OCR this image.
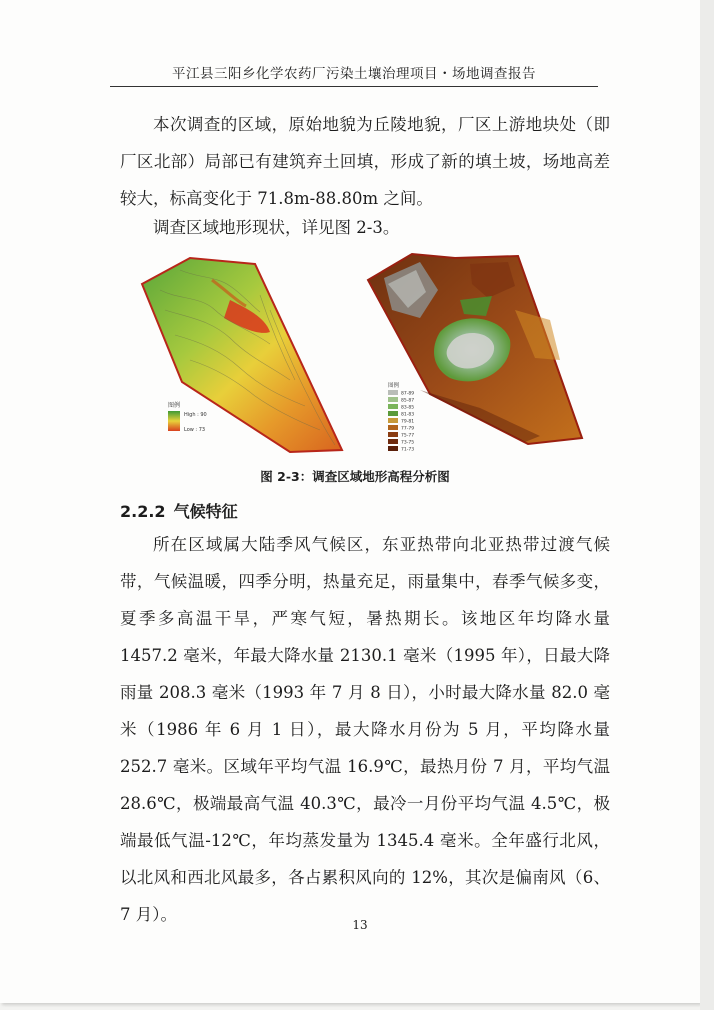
平江县三阳乡化学农药厂污染土壤治理项目・场地调查报告

本次调查的区域，原始地貌为丘陵地貌，厂区上游地块处（即厂区北部）局部已有建筑弃土回填，形成了新的填土坡，场地高差较大，标高变化于 71.8m-88.80m 之间。

调查区域地形现状，详见图 2-3。

图例
High : 90
Low : 73
图例
87-89
85-87
83-85
81-83
79-81
77-79
75-77
73-75
71-73
图 2-3：调查区域地形高程分析图
2.2.2 气候特征

所在区域属大陆季风气候区，东亚热带向北亚热带过渡气候带，气候温暖，四季分明，热量充足，雨量集中，春季气候多变，夏季多高温干旱，严寒气短，暑热期长。该地区年均降水量 1457.2 毫米，年最大降水量 2130.1 毫米（1995 年），日最大降雨量 208.3 毫米（1993 年 7 月 8 日），小时最大降水量 82.0 毫米（1986 年 6 月 1 日），最大降水月份为 5 月，平均降水量 252.7 毫米。区域年平均气温 16.9℃，最热月份 7 月，平均气温 28.6℃，极端最高气温 40.3℃，最冷一月份平均气温 4.5℃，极端最低气温-12℃，年均蒸发量为 1345.4 毫米。全年盛行北风，以北风和西北风最多，各占累积风向的 12%，其次是偏南风（6、7 月）。

13
